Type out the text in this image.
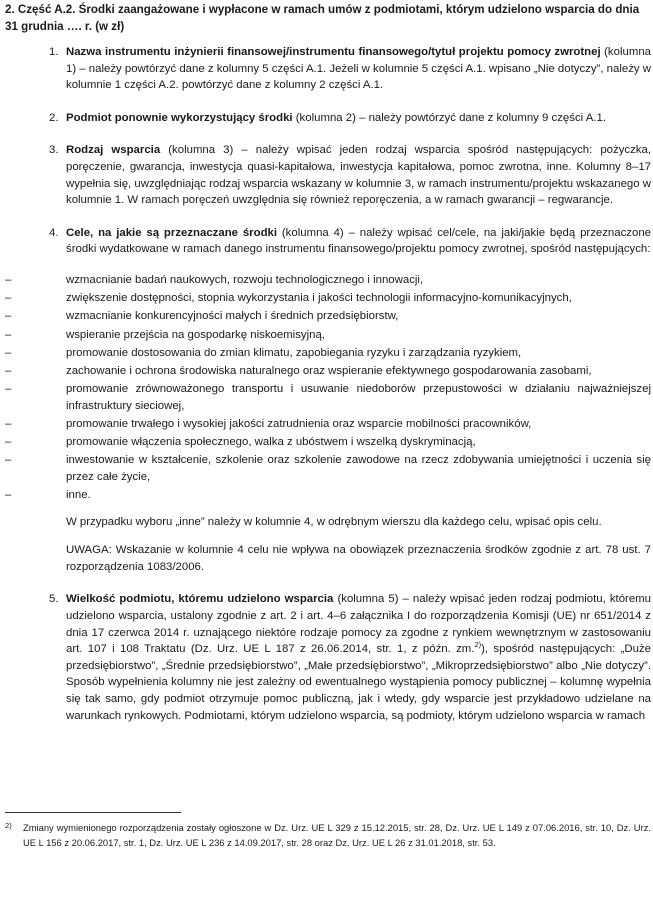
2. Część A.2. Środki zaangażowane i wypłacone w ramach umów z podmiotami, którym udzielono wsparcia do dnia 31 grudnia …. r. (w zł)
1. Nazwa instrumentu inżynierii finansowej/instrumentu finansowego/tytuł projektu pomocy zwrotnej (kolumna 1) – należy powtórzyć dane z kolumny 5 części A.1. Jeżeli w kolumnie 5 części A.1. wpisano „Nie dotyczy”, należy w kolumnie 1 części A.2. powtórzyć dane z kolumny 2 części A.1.

2. Podmiot ponownie wykorzystujący środki (kolumna 2) – należy powtórzyć dane z kolumny 9 części A.1.

3. Rodzaj wsparcia (kolumna 3) – należy wpisać jeden rodzaj wsparcia spośród następujących: pożyczka, poręczenie, gwarancja, inwestycja quasi-kapitałowa, inwestycja kapitałowa, pomoc zwrotna, inne. Kolumny 8–17 wypełnia się, uwzględniając rodzaj wsparcia wskazany w kolumnie 3, w ramach instrumentu/projektu wskazanego w kolumnie 1. W ramach poręczeń uwzględnia się również reporęczenia, a w ramach gwarancji – regwarancje.

4. Cele, na jakie są przeznaczane środki (kolumna 4) – należy wpisać cel/cele, na jaki/jakie będą przeznaczone środki wydatkowane w ramach danego instrumentu finansowego/projektu pomocy zwrotnej, spośród następujących:

–	wzmacnianie badań naukowych, rozwoju technologicznego i innowacji,
–	zwiększenie dostępności, stopnia wykorzystania i jakości technologii informacyjno-komunikacyjnych,
–	wzmacnianie konkurencyjności małych i średnich przedsiębiorstw,
–	wspieranie przejścia na gospodarkę niskoemisyjną,
–	promowanie dostosowania do zmian klimatu, zapobiegania ryzyku i zarządzania ryzykiem,
–	zachowanie i ochrona środowiska naturalnego oraz wspieranie efektywnego gospodarowania zasobami,
–	promowanie zrównoważonego transportu i usuwanie niedoborów przepustowości w działaniu najważniejszej infrastruktury sieciowej,
–	promowanie trwałego i wysokiej jakości zatrudnienia oraz wsparcie mobilności pracowników,
–	promowanie włączenia społecznego, walka z ubóstwem i wszelką dyskryminacją,
–	inwestowanie w kształcenie, szkolenie oraz szkolenie zawodowe na rzecz zdobywania umiejętności i uczenia się przez całe życie,
–	inne.

W przypadku wyboru „inne” należy w kolumnie 4, w odrębnym wierszu dla każdego celu, wpisać opis celu.

UWAGA: Wskazanie w kolumnie 4 celu nie wpływa na obowiązek przeznaczenia środków zgodnie z art. 78 ust. 7 rozporządzenia 1083/2006.

5. Wielkość podmiotu, któremu udzielono wsparcia (kolumna 5) – należy wpisać jeden rodzaj podmiotu, któremu udzielono wsparcia, ustalony zgodnie z art. 2 i art. 4–6 załącznika I do rozporządzenia Komisji (UE) nr 651/2014 z dnia 17 czerwca 2014 r. uznającego niektóre rodzaje pomocy za zgodne z rynkiem wewnętrznym w zastosowaniu art. 107 i 108 Traktatu (Dz. Urz. UE L 187 z 26.06.2014, str. 1, z późn. zm.$^{2)}$), spośród następujących: „Duże przedsiębiorstwo”, „Średnie przedsiębiorstwo”, „Małe przedsiębiorstwo”, „Mikroprzedsiębiorstwo” albo „Nie dotyczy”. Sposób wypełnienia kolumny nie jest zależny od ewentualnego wystąpienia pomocy publicznej – kolumnę wypełnia się tak samo, gdy podmiot otrzymuje pomoc publiczną, jak i wtedy, gdy wsparcie jest przykładowo udzielane na warunkach rynkowych. Podmiotami, którym udzielono wsparcia, są podmioty, którym udzielono wsparcia w ramach

2)	Zmiany wymienionego rozporządzenia zostały ogłoszone w Dz. Urz. UE L 329 z 15.12.2015, str. 28, Dz. Urz. UE L 149 z 07.06.2016, str. 10, Dz. Urz. UE L 156 z 20.06.2017, str. 1, Dz. Urz. UE L 236 z 14.09.2017, str. 28 oraz Dz. Urz. UE L 26 z 31.01.2018, str. 53.
